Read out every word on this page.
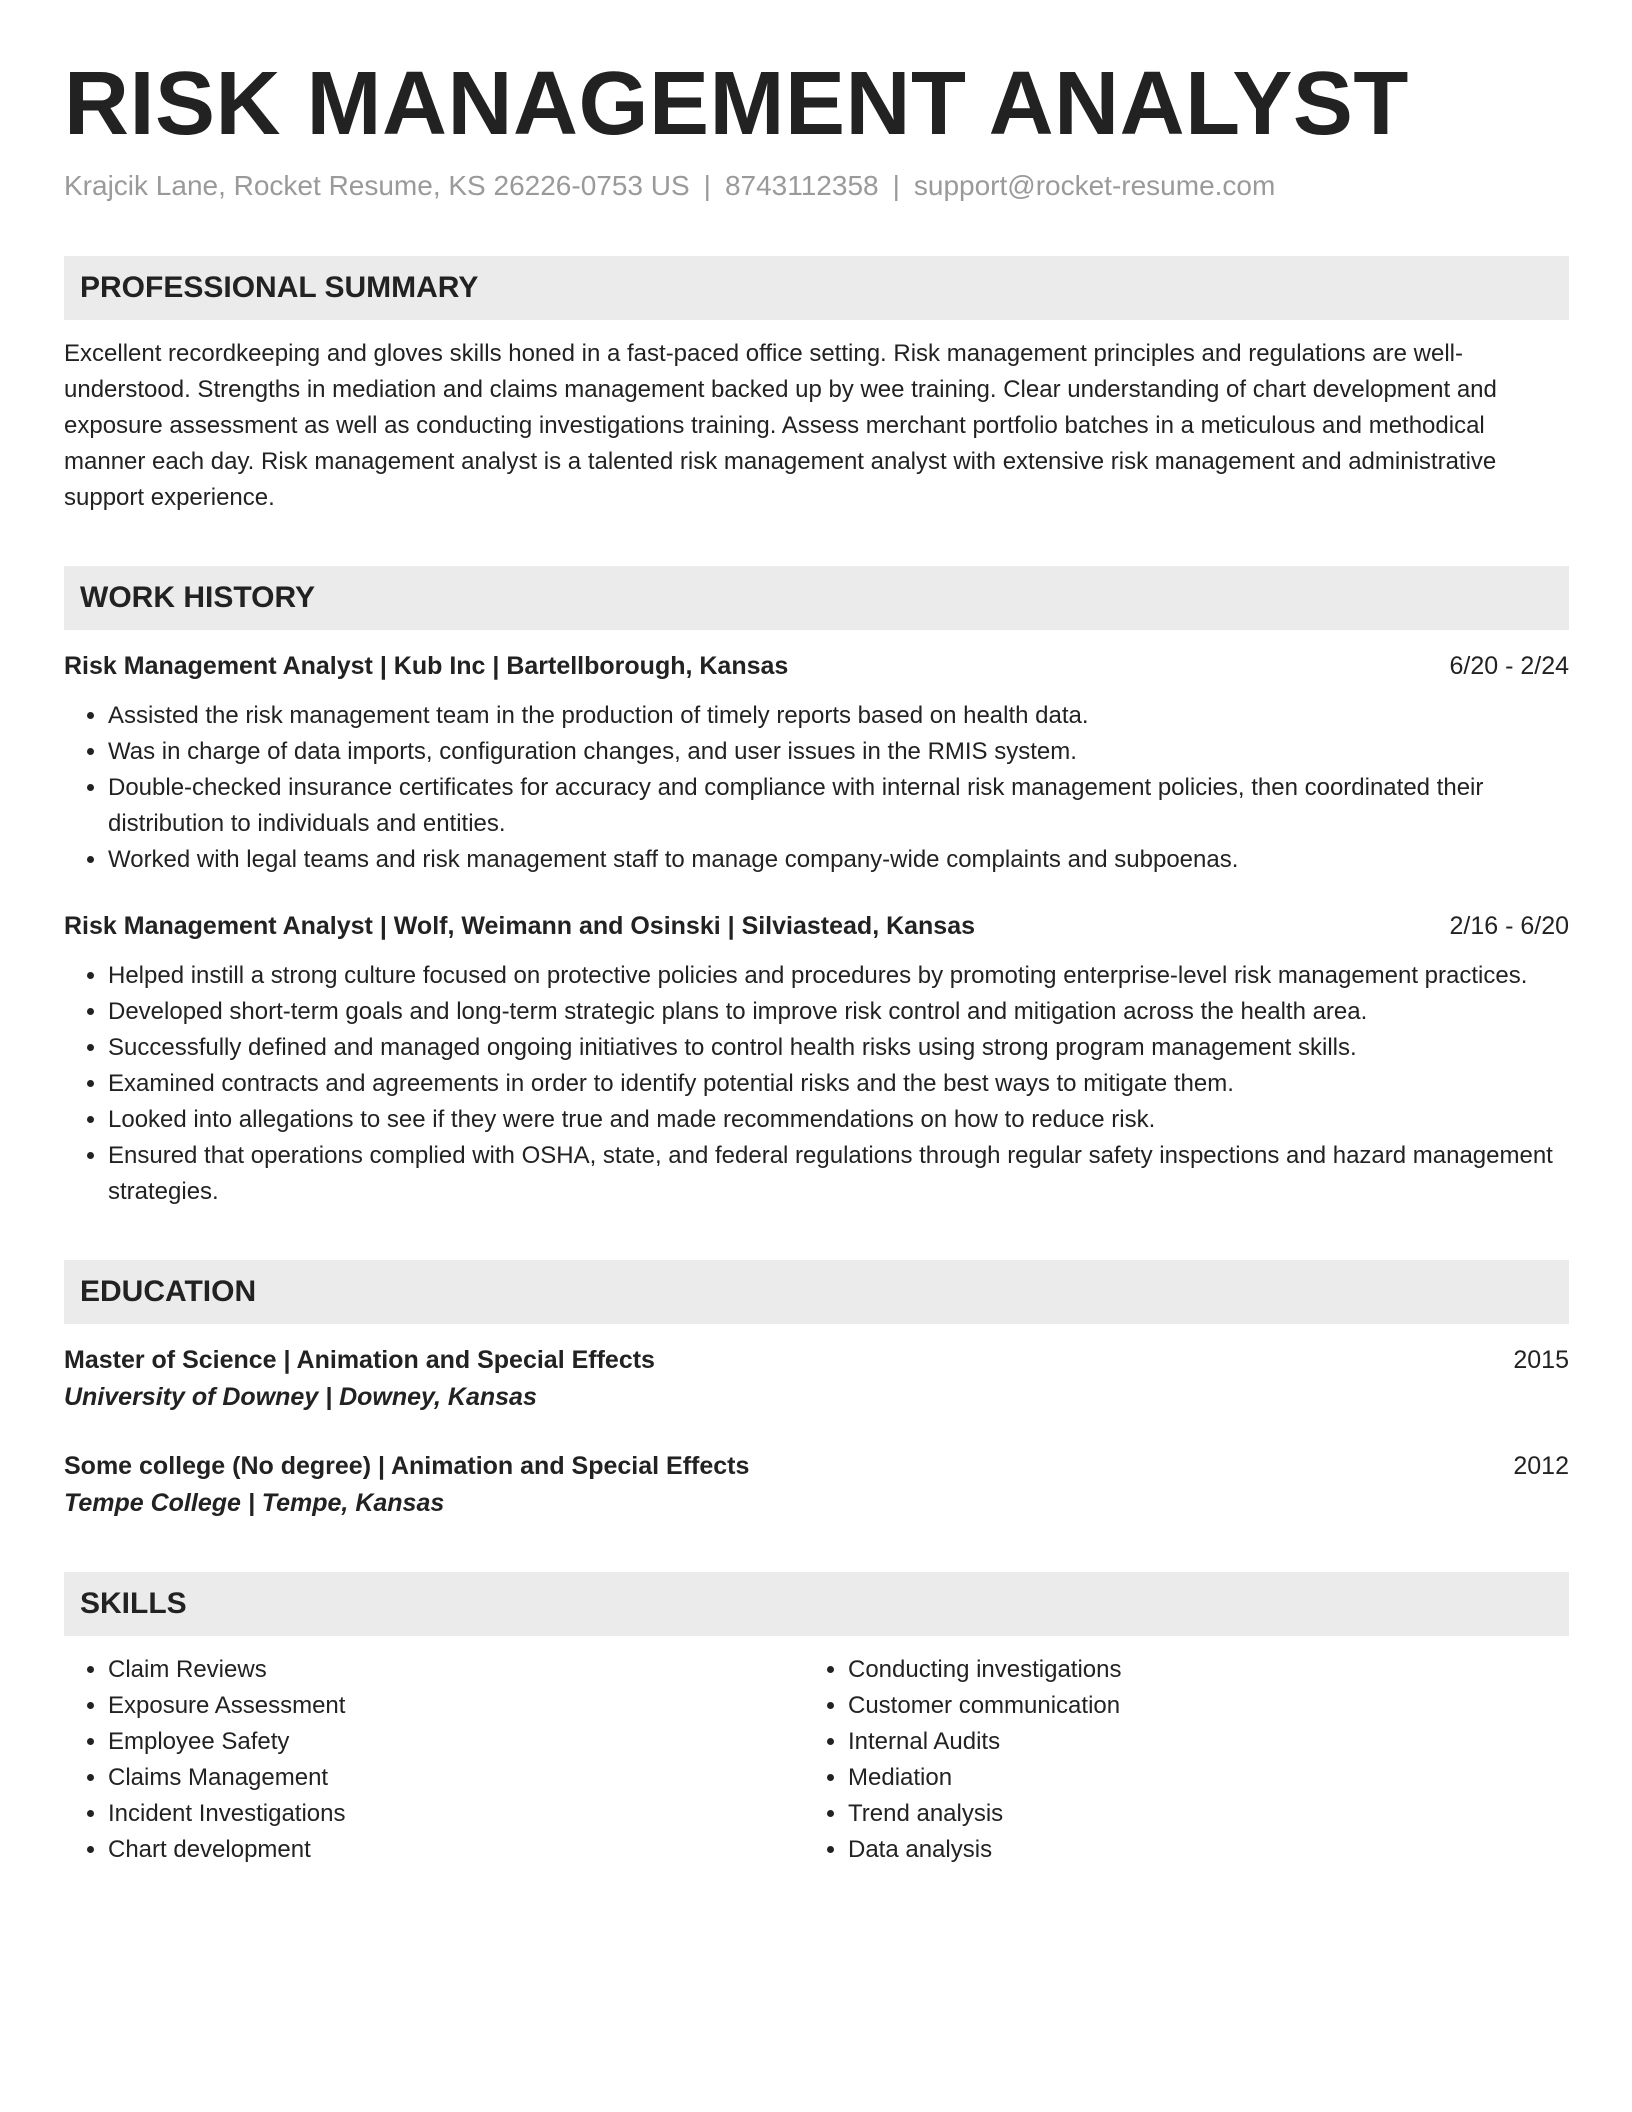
RISK MANAGEMENT ANALYST
Krajcik Lane, Rocket Resume, KS 26226-0753 US | 8743112358 | support@rocket-resume.com
PROFESSIONAL SUMMARY
Excellent recordkeeping and gloves skills honed in a fast-paced office setting. Risk management principles and regulations are well-understood. Strengths in mediation and claims management backed up by wee training. Clear understanding of chart development and exposure assessment as well as conducting investigations training. Assess merchant portfolio batches in a meticulous and methodical manner each day. Risk management analyst is a talented risk management analyst with extensive risk management and administrative support experience.
WORK HISTORY
Risk Management Analyst | Kub Inc | Bartellborough, Kansas	6/20 - 2/24
• Assisted the risk management team in the production of timely reports based on health data.
• Was in charge of data imports, configuration changes, and user issues in the RMIS system.
• Double-checked insurance certificates for accuracy and compliance with internal risk management policies, then coordinated their distribution to individuals and entities.
• Worked with legal teams and risk management staff to manage company-wide complaints and subpoenas.
Risk Management Analyst | Wolf, Weimann and Osinski | Silviastead, Kansas	2/16 - 6/20
• Helped instill a strong culture focused on protective policies and procedures by promoting enterprise-level risk management practices.
• Developed short-term goals and long-term strategic plans to improve risk control and mitigation across the health area.
• Successfully defined and managed ongoing initiatives to control health risks using strong program management skills.
• Examined contracts and agreements in order to identify potential risks and the best ways to mitigate them.
• Looked into allegations to see if they were true and made recommendations on how to reduce risk.
• Ensured that operations complied with OSHA, state, and federal regulations through regular safety inspections and hazard management strategies.
EDUCATION
Master of Science | Animation and Special Effects	2015
University of Downey | Downey, Kansas
Some college (No degree) | Animation and Special Effects	2012
Tempe College | Tempe, Kansas
SKILLS
• Claim Reviews
• Exposure Assessment
• Employee Safety
• Claims Management
• Incident Investigations
• Chart development
• Conducting investigations
• Customer communication
• Internal Audits
• Mediation
• Trend analysis
• Data analysis
